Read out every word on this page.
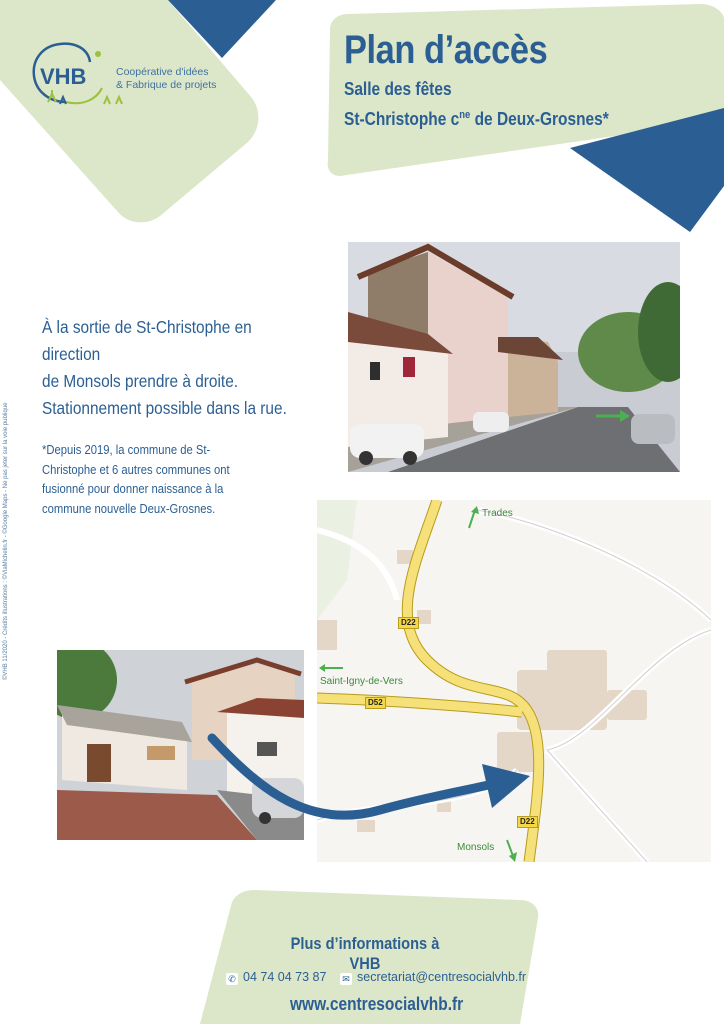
VHB	Coopérative d'idées
& Fabrique de projets
Plan d’accès
Salle des fêtes
St-Christophe $c^{ne}$ de Deux-Grosnes*
À la sortie de St-Christophe en direction
de Monsols prendre à droite.
Stationnement possible dans la rue.
*Depuis 2019, la commune de St-
Christophe et 6 autres communes ont
fusionné pour donner naissance à la
commune nouvelle Deux-Grosnes.
©VHB 11/2020 - Crédits illustrations : ©ViaMichelin.fr - ©Google Maps - Ne pas jeter sur la voie publique	Trades
Saint-Igny-de-Vers
Monsols
D22
D52
D22
Plus d’informations à VHB
✆ 04 74 04 73 87 ✉ secretariat@centresocialvhb.fr
www.centresocialvhb.fr
